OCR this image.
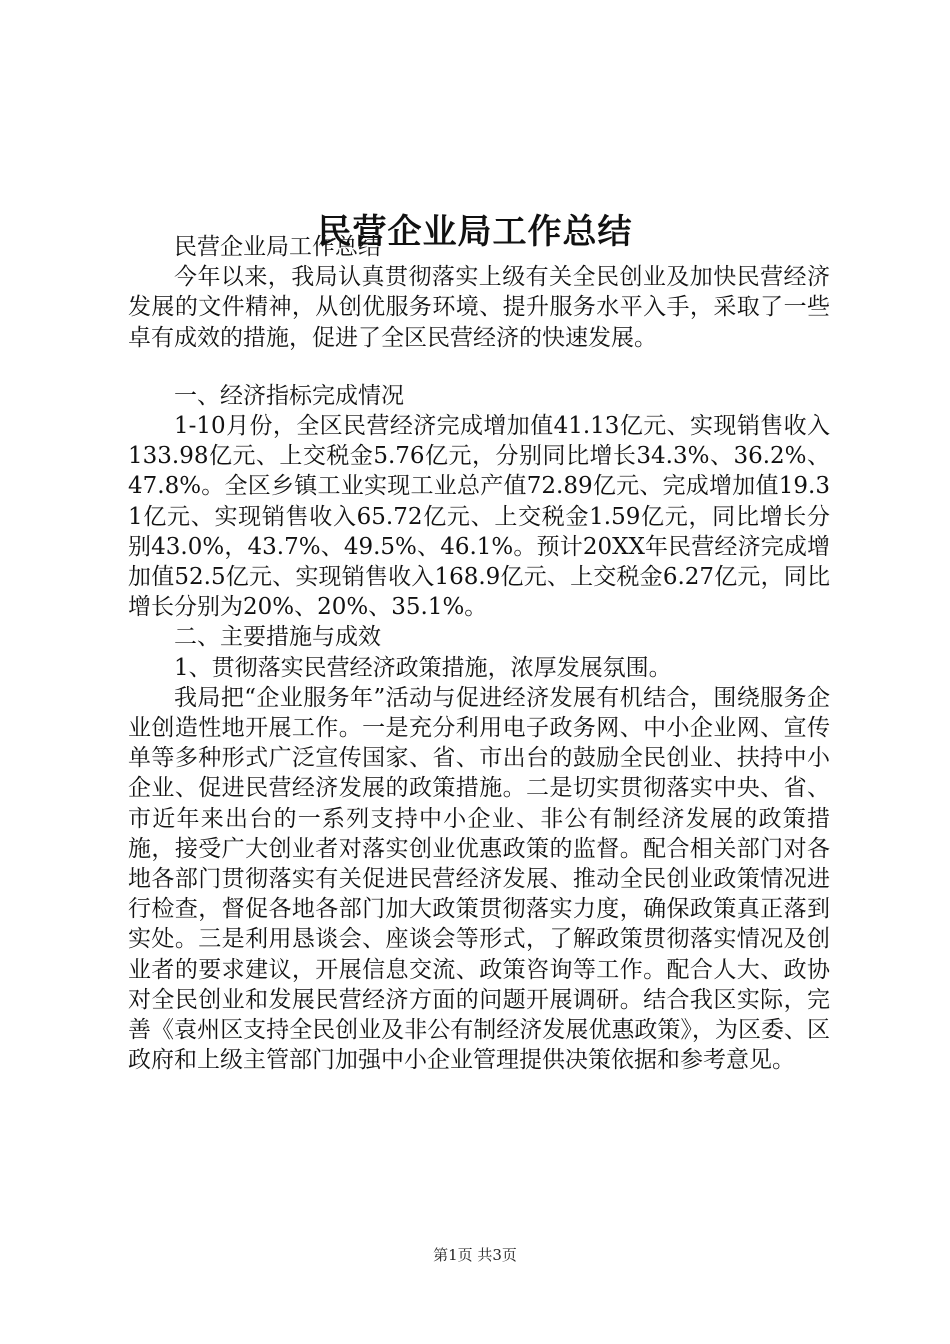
民营企业局工作总结

民营企业局工作总结

今年以来，我局认真贯彻落实上级有关全民创业及加快民营经济发展的文件精神，从创优服务环境、提升服务水平入手，采取了一些卓有成效的措施，促进了全区民营经济的快速发展。

一、经济指标完成情况

1-10月份，全区民营经济完成增加值41.13亿元、实现销售收入133.98亿元、上交税金5.76亿元，分别同比增长34.3%、36.2%、47.8%。全区乡镇工业实现工业总产值72.89亿元、完成增加值19.31亿元、实现销售收入65.72亿元、上交税金1.59亿元，同比增长分别43.0%，43.7%、49.5%、46.1%。预计20XX年民营经济完成增加值52.5亿元、实现销售收入168.9亿元、上交税金6.27亿元，同比增长分别为20%、20%、35.1%。

二、主要措施与成效

1、贯彻落实民营经济政策措施，浓厚发展氛围。

我局把“企业服务年”活动与促进经济发展有机结合，围绕服务企业创造性地开展工作。一是充分利用电子政务网、中小企业网、宣传单等多种形式广泛宣传国家、省、市出台的鼓励全民创业、扶持中小企业、促进民营经济发展的政策措施。二是切实贯彻落实中央、省、市近年来出台的一系列支持中小企业、非公有制经济发展的政策措施，接受广大创业者对落实创业优惠政策的监督。配合相关部门对各地各部门贯彻落实有关促进民营经济发展、推动全民创业政策情况进行检查，督促各地各部门加大政策贯彻落实力度，确保政策真正落到实处。三是利用恳谈会、座谈会等形式，了解政策贯彻落实情况及创业者的要求建议，开展信息交流、政策咨询等工作。配合人大、政协对全民创业和发展民营经济方面的问题开展调研。结合我区实际，完善《袁州区支持全民创业及非公有制经济发展优惠政策》，为区委、区政府和上级主管部门加强中小企业管理提供决策依据和参考意见。

第1页 共3页
